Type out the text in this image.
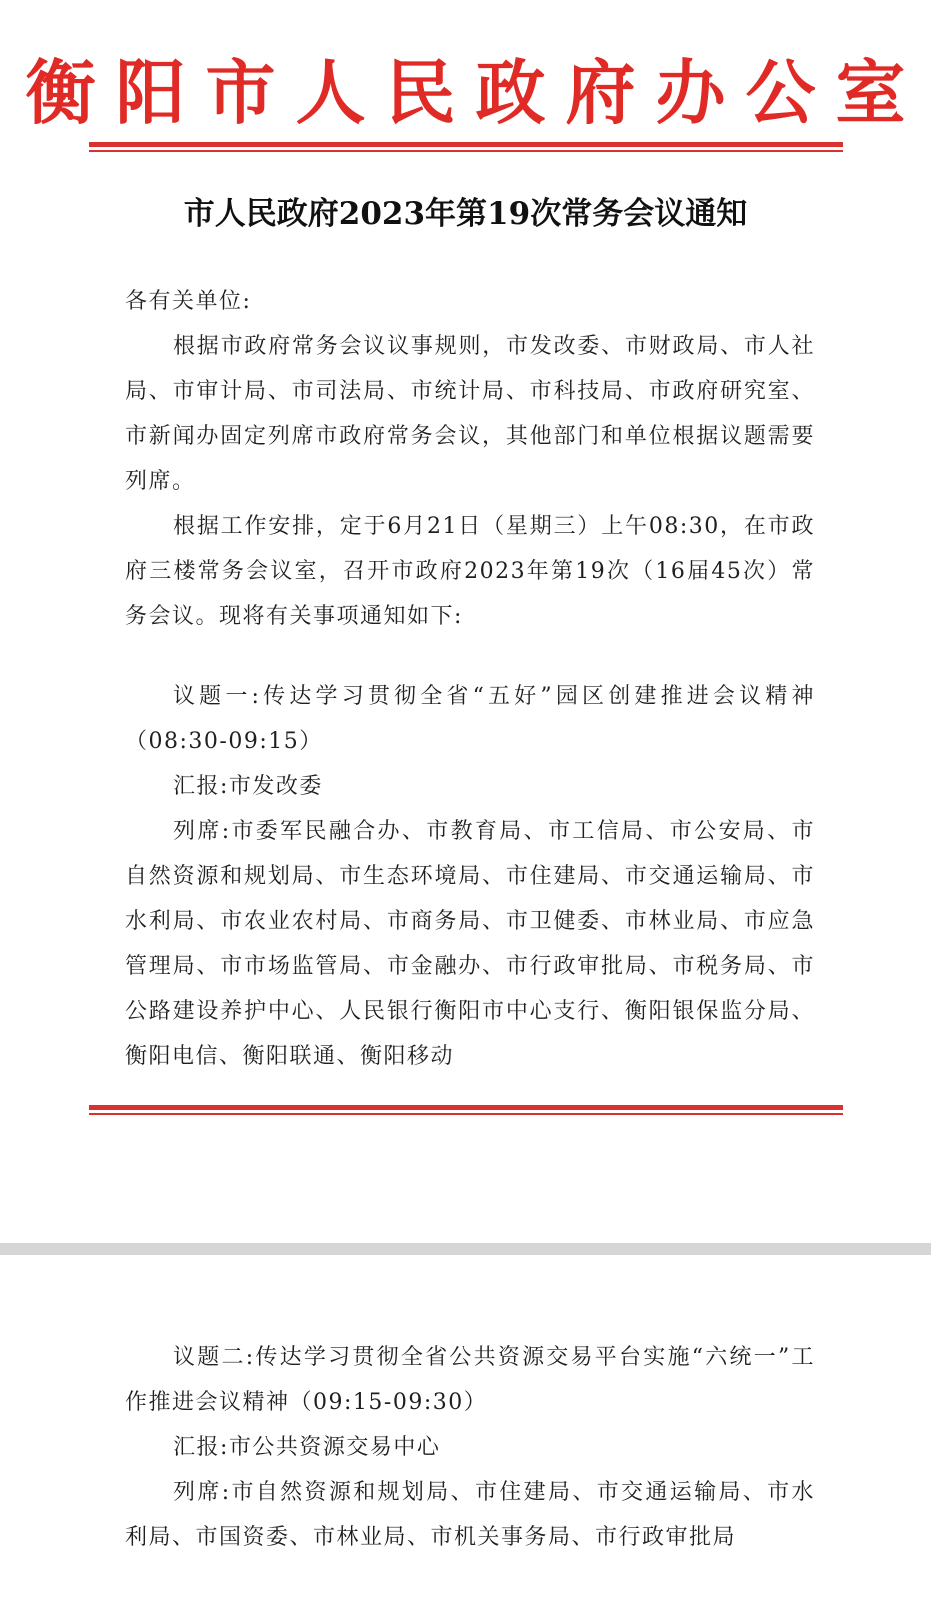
衡阳市人民政府办公室
市人民政府2023年第19次常务会议通知

各有关单位:

根据市政府常务会议议事规则，市发改委、市财政局、市人社局、市审计局、市司法局、市统计局、市科技局、市政府研究室、市新闻办固定列席市政府常务会议，其他部门和单位根据议题需要列席。

根据工作安排，定于6月21日（星期三）上午08:30，在市政府三楼常务会议室，召开市政府2023年第19次（16届45次）常务会议。现将有关事项通知如下:

议题一:传达学习贯彻全省“五好”园区创建推进会议精神（08:30-09:15）

汇报:市发改委

列席:市委军民融合办、市教育局、市工信局、市公安局、市自然资源和规划局、市生态环境局、市住建局、市交通运输局、市水利局、市农业农村局、市商务局、市卫健委、市林业局、市应急管理局、市市场监管局、市金融办、市行政审批局、市税务局、市公路建设养护中心、人民银行衡阳市中心支行、衡阳银保监分局、衡阳电信、衡阳联通、衡阳移动

议题二:传达学习贯彻全省公共资源交易平台实施“六统一”工作推进会议精神（09:15-09:30）

汇报:市公共资源交易中心

列席:市自然资源和规划局、市住建局、市交通运输局、市水利局、市国资委、市林业局、市机关事务局、市行政审批局
